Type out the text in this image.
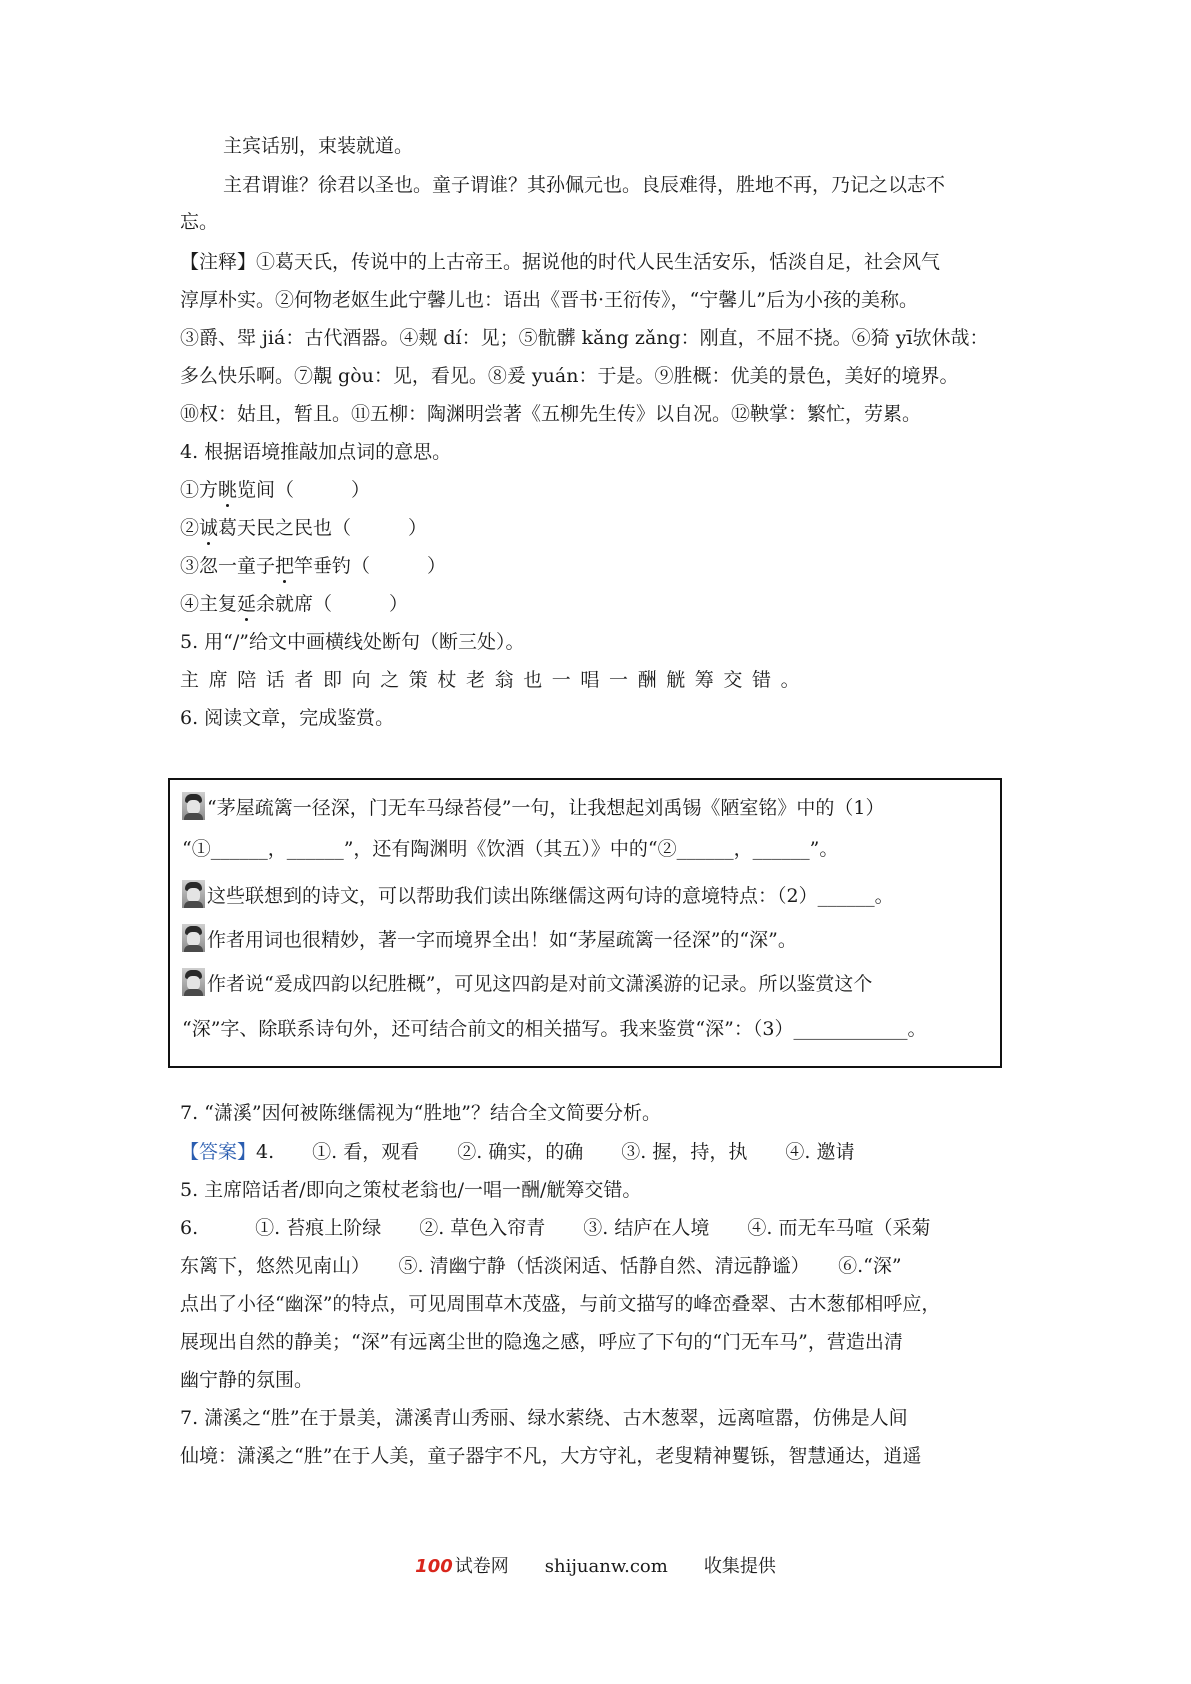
主宾话别，束装就道。
主君谓谁？徐君以圣也。童子谓谁？其孙佩元也。良辰难得，胜地不再，乃记之以志不
忘。
【注释】①葛天氏，传说中的上古帝王。据说他的时代人民生活安乐，恬淡自足，社会风气
淳厚朴实。②何物老妪生此宁馨儿也：语出《晋书·王衍传》，“宁馨儿”后为小孩的美称。
③爵、斝 jiá：古代酒器。④觌 dí：见；⑤骯髒 kǎng zǎng：刚直，不屈不挠。⑥猗 yī欤休哉：
多么快乐啊。⑦覯 gòu：见，看见。⑧爰 yuán：于是。⑨胜概：优美的景色，美好的境界。
⑩权：姑且，暂且。⑪五柳：陶渊明尝著《五柳先生传》以自况。⑫鞅掌：繁忙，劳累。
4. 根据语境推敲加点词的意思。
①方眺览间（　　　）
②诚葛天民之民也（　　　）
③忽一童子把竿垂钓（　　　）
④主复延余就席（　　　）
5. 用“/”给文中画横线处断句（断三处）。
主席陪话者即向之策杖老翁也一唱一酬觥筹交错。
6. 阅读文章，完成鉴赏。
“茅屋疏篱一径深，门无车马绿苔侵”一句，让我想起刘禹锡《陋室铭》中的（1）
“①______，______”，还有陶渊明《饮酒（其五）》中的“②______，______”。
这些联想到的诗文，可以帮助我们读出陈继儒这两句诗的意境特点：（2）______。
作者用词也很精妙，著一字而境界全出！如“茅屋疏篱一径深”的“深”。
作者说“爰成四韵以纪胜概”，可见这四韵是对前文潇溪游的记录。所以鉴赏这个
“深”字、除联系诗句外，还可结合前文的相关描写。我来鉴赏“深”：（3）____________。
7. “潇溪”因何被陈继儒视为“胜地”？结合全文简要分析。
【答案】4.　　①. 看，观看　　②. 确实，的确　　③. 握，持，执　　④. 邀请
5. 主席陪话者/即向之策杖老翁也/一唱一酬/觥筹交错。
6.　　　①. 苔痕上阶绿　　②. 草色入帘青　　③. 结庐在人境　　④. 而无车马喧（采菊
东篱下，悠然见南山）　　⑤. 清幽宁静（恬淡闲适、恬静自然、清远静谧）　　⑥.“深”
点出了小径“幽深”的特点，可见周围草木茂盛，与前文描写的峰峦叠翠、古木葱郁相呼应，
展现出自然的静美；“深”有远离尘世的隐逸之感，呼应了下句的“门无车马”，营造出清
幽宁静的氛围。
7. 潇溪之“胜”在于景美，潇溪青山秀丽、绿水萦绕、古木葱翠，远离喧嚣，仿佛是人间
仙境：潇溪之“胜”在于人美，童子器宇不凡，大方守礼，老叟精神矍铄，智慧通达，逍遥
100 试卷网 shijuanw.com 收集提供
